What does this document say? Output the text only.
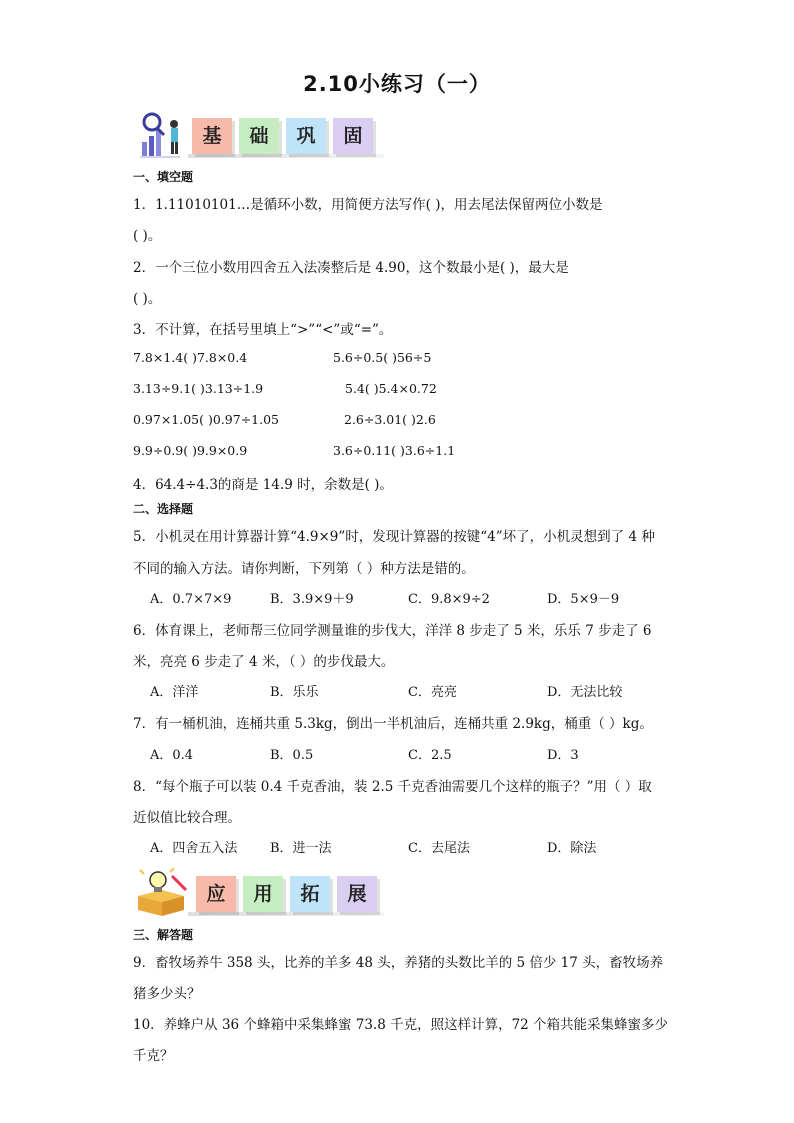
2.10小练习（一）
基	础	巩	固
一、填空题
1．1.11010101…是循环小数，用简便方法写作( )，用去尾法保留两位小数是
( )。
2．一个三位小数用四舍五入法凑整后是 4.90，这个数最小是( )，最大是
( )。
3．不计算，在括号里填上“>”“<”或“=”。
7.8×1.4( )7.8×0.4	5.6÷0.5( )56÷5
3.13÷9.1( )3.13÷1.9	5.4( )5.4×0.72
0.97×1.05( )0.97÷1.05	2.6÷3.01( )2.6
9.9÷0.9( )9.9×0.9	3.6÷0.11( )3.6÷1.1
4．64.4÷4.3的商是 14.9 时，余数是( )。
二、选择题
5．小机灵在用计算器计算“4.9×9”时，发现计算器的按键“4”坏了，小机灵想到了 4 种
不同的输入方法。请你判断，下列第（ ）种方法是错的。
A．0.7×7×9	B．3.9×9＋9	C．9.8×9÷2	D．5×9－9
6．体育课上，老师帮三位同学测量谁的步伐大，洋洋 8 步走了 5 米，乐乐 7 步走了 6
米，亮亮 6 步走了 4 米，（ ）的步伐最大。
A．洋洋	B．乐乐	C．亮亮	D．无法比较
7．有一桶机油，连桶共重 5.3kg，倒出一半机油后，连桶共重 2.9kg，桶重（ ）kg。
A．0.4	B．0.5	C．2.5	D．3
8．“每个瓶子可以装 0.4 千克香油，装 2.5 千克香油需要几个这样的瓶子？”用（ ）取
近似值比较合理。
A．四舍五入法	B．进一法	C．去尾法	D．除法
应	用	拓	展
三、解答题
9．畜牧场养牛 358 头，比养的羊多 48 头，养猪的头数比羊的 5 倍少 17 头，畜牧场养
猪多少头？
10．养蜂户从 36 个蜂箱中采集蜂蜜 73.8 千克，照这样计算，72 个箱共能采集蜂蜜多少
千克？
